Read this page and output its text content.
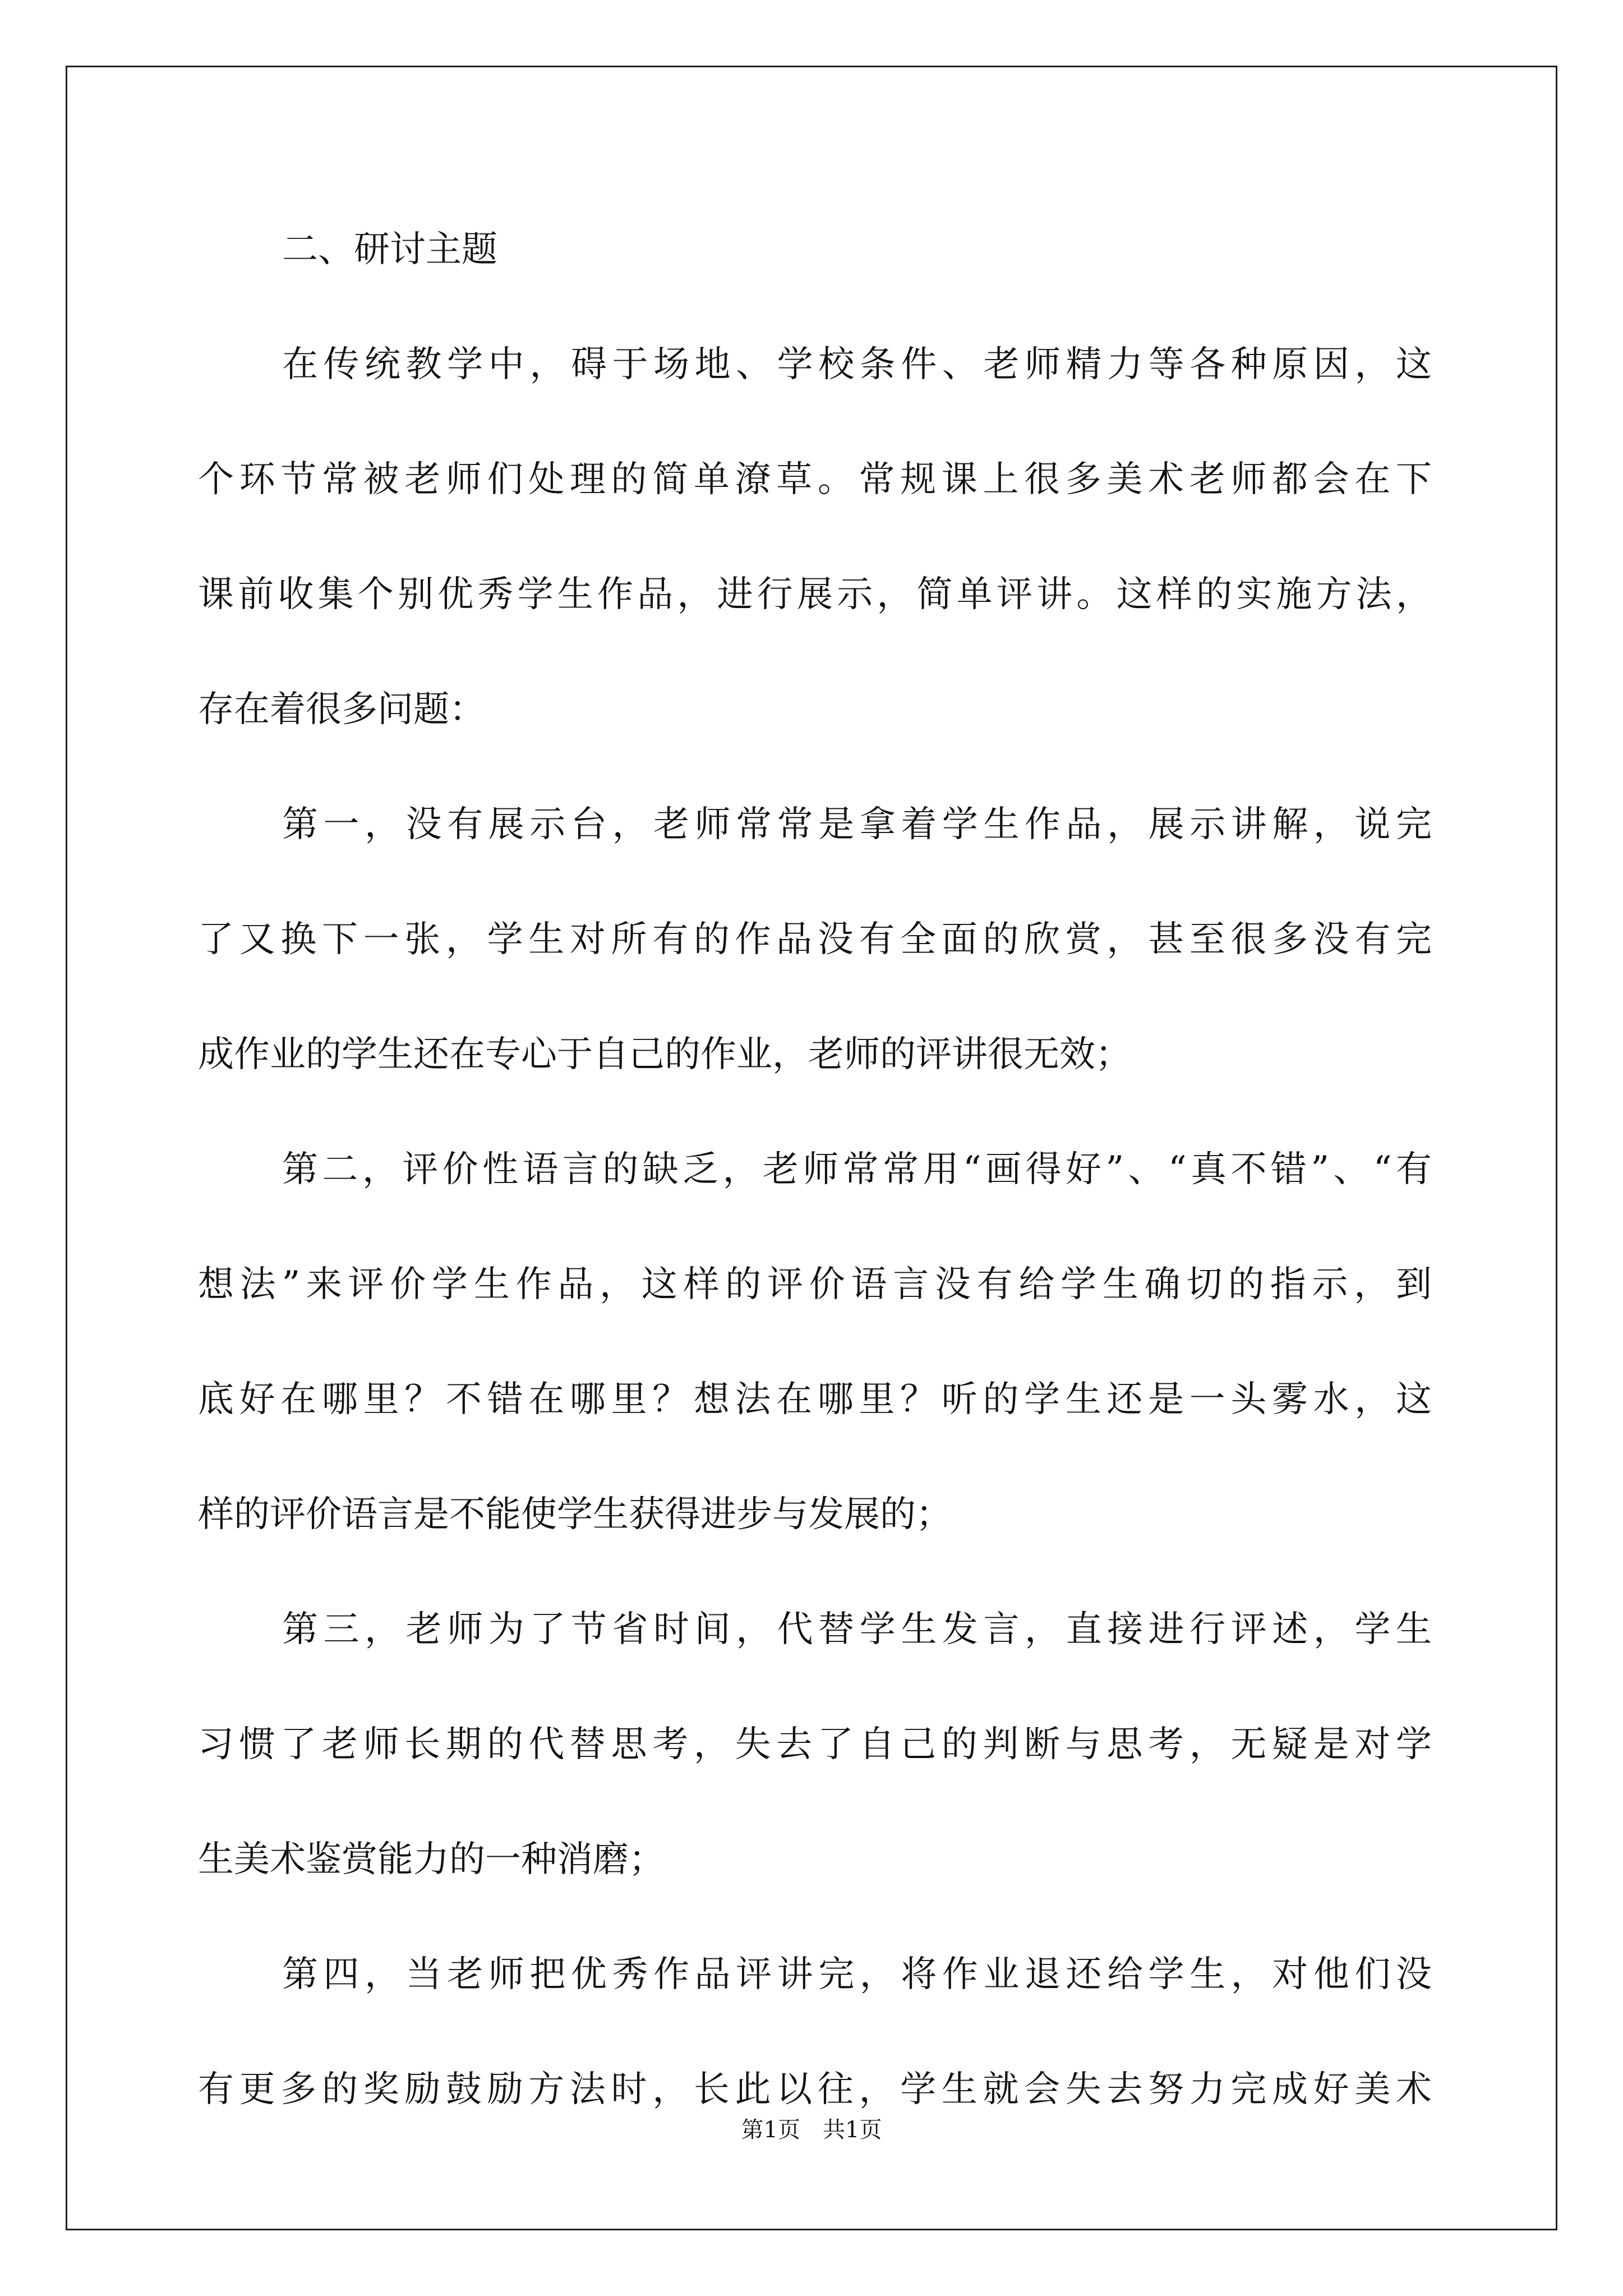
二、研讨主题
在传统教学中，碍于场地、学校条件、老师精力等各种原因，这
个环节常被老师们处理的简单潦草。常规课上很多美术老师都会在下
课前收集个别优秀学生作品，进行展示，简单评讲。这样的实施方法，
存在着很多问题：
第一，没有展示台，老师常常是拿着学生作品，展示讲解，说完
了又换下一张，学生对所有的作品没有全面的欣赏，甚至很多没有完
成作业的学生还在专心于自己的作业，老师的评讲很无效；
第二，评价性语言的缺乏，老师常常用“画得好”、“真不错”、“有
想法”来评价学生作品，这样的评价语言没有给学生确切的指示，到
底好在哪里？不错在哪里？想法在哪里？听的学生还是一头雾水，这
样的评价语言是不能使学生获得进步与发展的；
第三，老师为了节省时间，代替学生发言，直接进行评述，学生
习惯了老师长期的代替思考，失去了自己的判断与思考，无疑是对学
生美术鉴赏能力的一种消磨；
第四，当老师把优秀作品评讲完，将作业退还给学生，对他们没
有更多的奖励鼓励方法时，长此以往，学生就会失去努力完成好美术
第1页　共1页
